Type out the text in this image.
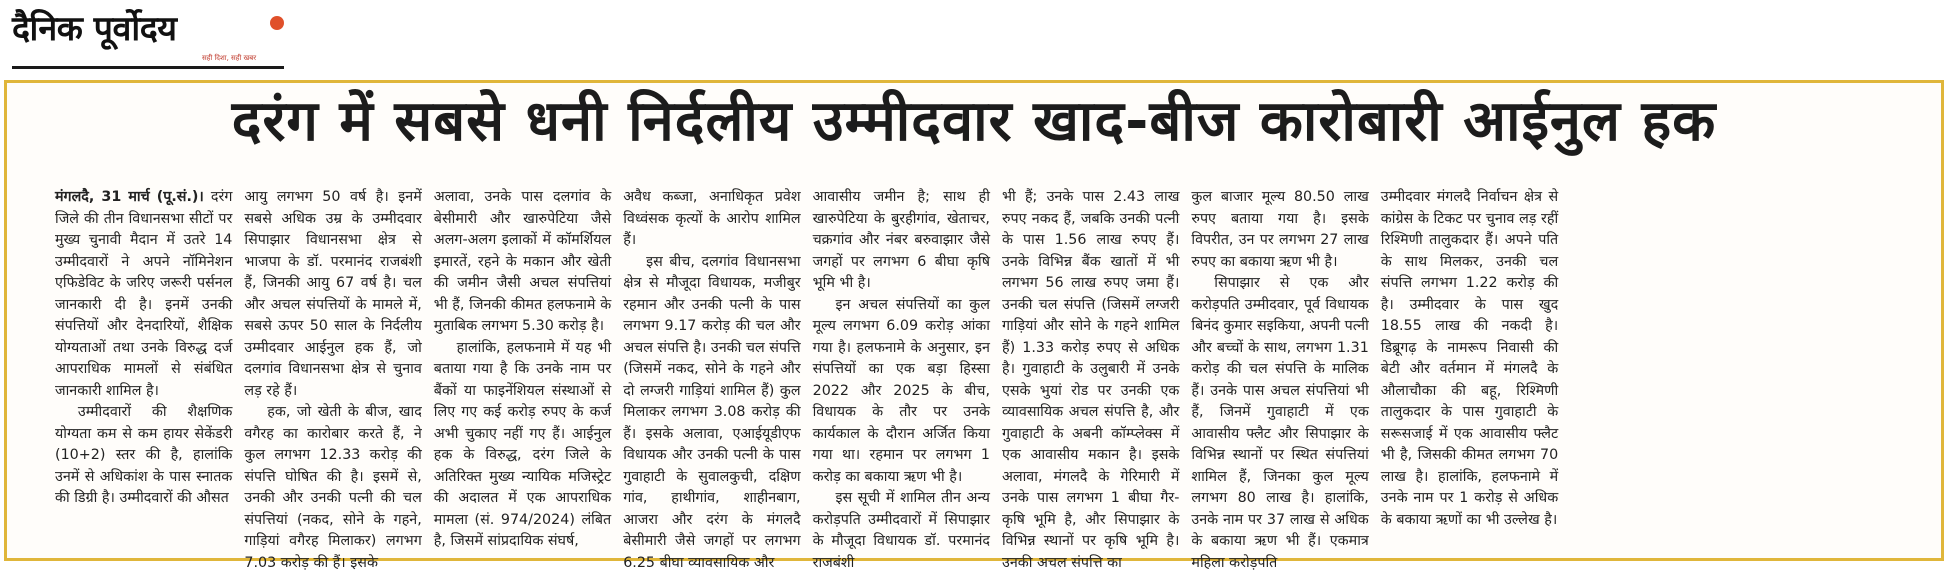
दैनिक पूर्वोदय
सही दिशा, सही खबर
दरंग में सबसे धनी निर्दलीय उम्मीदवार खाद-बीज कारोबारी आईनुल हक

मंगलदै, 31 मार्च (पू.सं.)। दरंग जिले की तीन विधानसभा सीटों पर मुख्य चुनावी मैदान में उतरे 14 उम्मीदवारों ने अपने नॉमिनेशन एफिडेविट के जरिए जरूरी पर्सनल जानकारी दी है। इनमें उनकी संपत्तियों और देनदारियों, शैक्षिक योग्यताओं तथा उनके विरुद्ध दर्ज आपराधिक मामलों से संबंधित जानकारी शामिल है।

उम्मीदवारों की शैक्षणिक योग्यता कम से कम हायर सेकेंडरी (10+2) स्तर की है, हालांकि उनमें से अधिकांश के पास स्नातक की डिग्री है। उम्मीदवारों की औसत

आयु लगभग 50 वर्ष है। इनमें सबसे अधिक उम्र के उम्मीदवार सिपाझार विधानसभा क्षेत्र से भाजपा के डॉ. परमानंद राजबंशी हैं, जिनकी आयु 67 वर्ष है। चल और अचल संपत्तियों के मामले में, सबसे ऊपर 50 साल के निर्दलीय उम्मीदवार आईनुल हक हैं, जो दलगांव विधानसभा क्षेत्र से चुनाव लड़ रहे हैं।

हक, जो खेती के बीज, खाद वगैरह का कारोबार करते हैं, ने कुल लगभग 12.33 करोड़ की संपत्ति घोषित की है। इसमें से, उनकी और उनकी पत्नी की चल संपत्तियां (नकद, सोने के गहने, गाड़ियां वगैरह मिलाकर) लगभग 7.03 करोड़ की हैं। इसके

अलावा, उनके पास दलगांव के बेसीमारी और खारुपेटिया जैसे अलग-अलग इलाकों में कॉमर्शियल इमारतें, रहने के मकान और खेती की जमीन जैसी अचल संपत्तियां भी हैं, जिनकी कीमत हलफनामे के मुताबिक लगभग 5.30 करोड़ है।

हालांकि, हलफनामे में यह भी बताया गया है कि उनके नाम पर बैंकों या फाइनेंशियल संस्थाओं से लिए गए कई करोड़ रुपए के कर्ज अभी चुकाए नहीं गए हैं। आईनुल हक के विरुद्ध, दरंग जिले के अतिरिक्त मुख्य न्यायिक मजिस्ट्रेट की अदालत में एक आपराधिक मामला (सं. 974/2024) लंबित है, जिसमें सांप्रदायिक संघर्ष,

अवैध कब्जा, अनाधिकृत प्रवेश विध्वंसक कृत्यों के आरोप शामिल हैं।

इस बीच, दलगांव विधानसभा क्षेत्र से मौजूदा विधायक, मजीबुर रहमान और उनकी पत्नी के पास लगभग 9.17 करोड़ की चल और अचल संपत्ति है। उनकी चल संपत्ति (जिसमें नकद, सोने के गहने और दो लग्जरी गाड़ियां शामिल हैं) कुल मिलाकर लगभग 3.08 करोड़ की हैं। इसके अलावा, एआईयूडीएफ विधायक और उनकी पत्नी के पास गुवाहाटी के सुवालकुची, दक्षिण गांव, हाथीगांव, शाहीनबाग, आजरा और दरंग के मंगलदै बेसीमारी जैसे जगहों पर लगभग 6.25 बीघा व्यावसायिक और

आवासीय जमीन है; साथ ही खारुपेटिया के बुरहीगांव, खेताचर, चक्रगांव और नंबर बरुवाझार जैसे जगहों पर लगभग 6 बीघा कृषि भूमि भी है।

इन अचल संपत्तियों का कुल मूल्य लगभग 6.09 करोड़ आंका गया है। हलफनामे के अनुसार, इन संपत्तियों का एक बड़ा हिस्सा 2022 और 2025 के बीच, विधायक के तौर पर उनके कार्यकाल के दौरान अर्जित किया गया था। रहमान पर लगभग 1 करोड़ का बकाया ऋण भी है।

इस सूची में शामिल तीन अन्य करोड़पति उम्मीदवारों में सिपाझार के मौजूदा विधायक डॉ. परमानंद राजबंशी

भी हैं; उनके पास 2.43 लाख रुपए नकद हैं, जबकि उनकी पत्नी के पास 1.56 लाख रुपए हैं। उनके विभिन्न बैंक खातों में भी लगभग 56 लाख रुपए जमा हैं। उनकी चल संपत्ति (जिसमें लग्जरी गाड़ियां और सोने के गहने शामिल हैं) 1.33 करोड़ रुपए से अधिक है। गुवाहाटी के उलुबारी में उनके एसके भुयां रोड पर उनकी एक व्यावसायिक अचल संपत्ति है, और गुवाहाटी के अबनी कॉम्प्लेक्स में एक आवासीय मकान है। इसके अलावा, मंगलदै के गेरिमारी में उनके पास लगभग 1 बीघा गैर-कृषि भूमि है, और सिपाझार के विभिन्न स्थानों पर कृषि भूमि है। उनकी अचल संपत्ति का

कुल बाजार मूल्य 80.50 लाख रुपए बताया गया है। इसके विपरीत, उन पर लगभग 27 लाख रुपए का बकाया ऋण भी है।

सिपाझार से एक और करोड़पति उम्मीदवार, पूर्व विधायक बिनंद कुमार सइकिया, अपनी पत्नी और बच्चों के साथ, लगभग 1.31 करोड़ की चल संपत्ति के मालिक हैं। उनके पास अचल संपत्तियां भी हैं, जिनमें गुवाहाटी में एक आवासीय फ्लैट और सिपाझार के विभिन्न स्थानों पर स्थित संपत्तियां शामिल हैं, जिनका कुल मूल्य लगभग 80 लाख है। हालांकि, उनके नाम पर 37 लाख से अधिक के बकाया ऋण भी हैं। एकमात्र महिला करोड़पति

उम्मीदवार मंगलदै निर्वाचन क्षेत्र से कांग्रेस के टिकट पर चुनाव लड़ रहीं रिश्मिणी तालुकदार हैं। अपने पति के साथ मिलकर, उनकी चल संपत्ति लगभग 1.22 करोड़ की है। उम्मीदवार के पास खुद 18.55 लाख की नकदी है। डिब्रूगढ़ के नामरूप निवासी की बेटी और वर्तमान में मंगलदै के औलाचौका की बहू, रिश्मिणी तालुकदार के पास गुवाहाटी के सरूसजाई में एक आवासीय फ्लैट भी है, जिसकी कीमत लगभग 70 लाख है। हालांकि, हलफनामे में उनके नाम पर 1 करोड़ से अधिक के बकाया ऋणों का भी उल्लेख है।
